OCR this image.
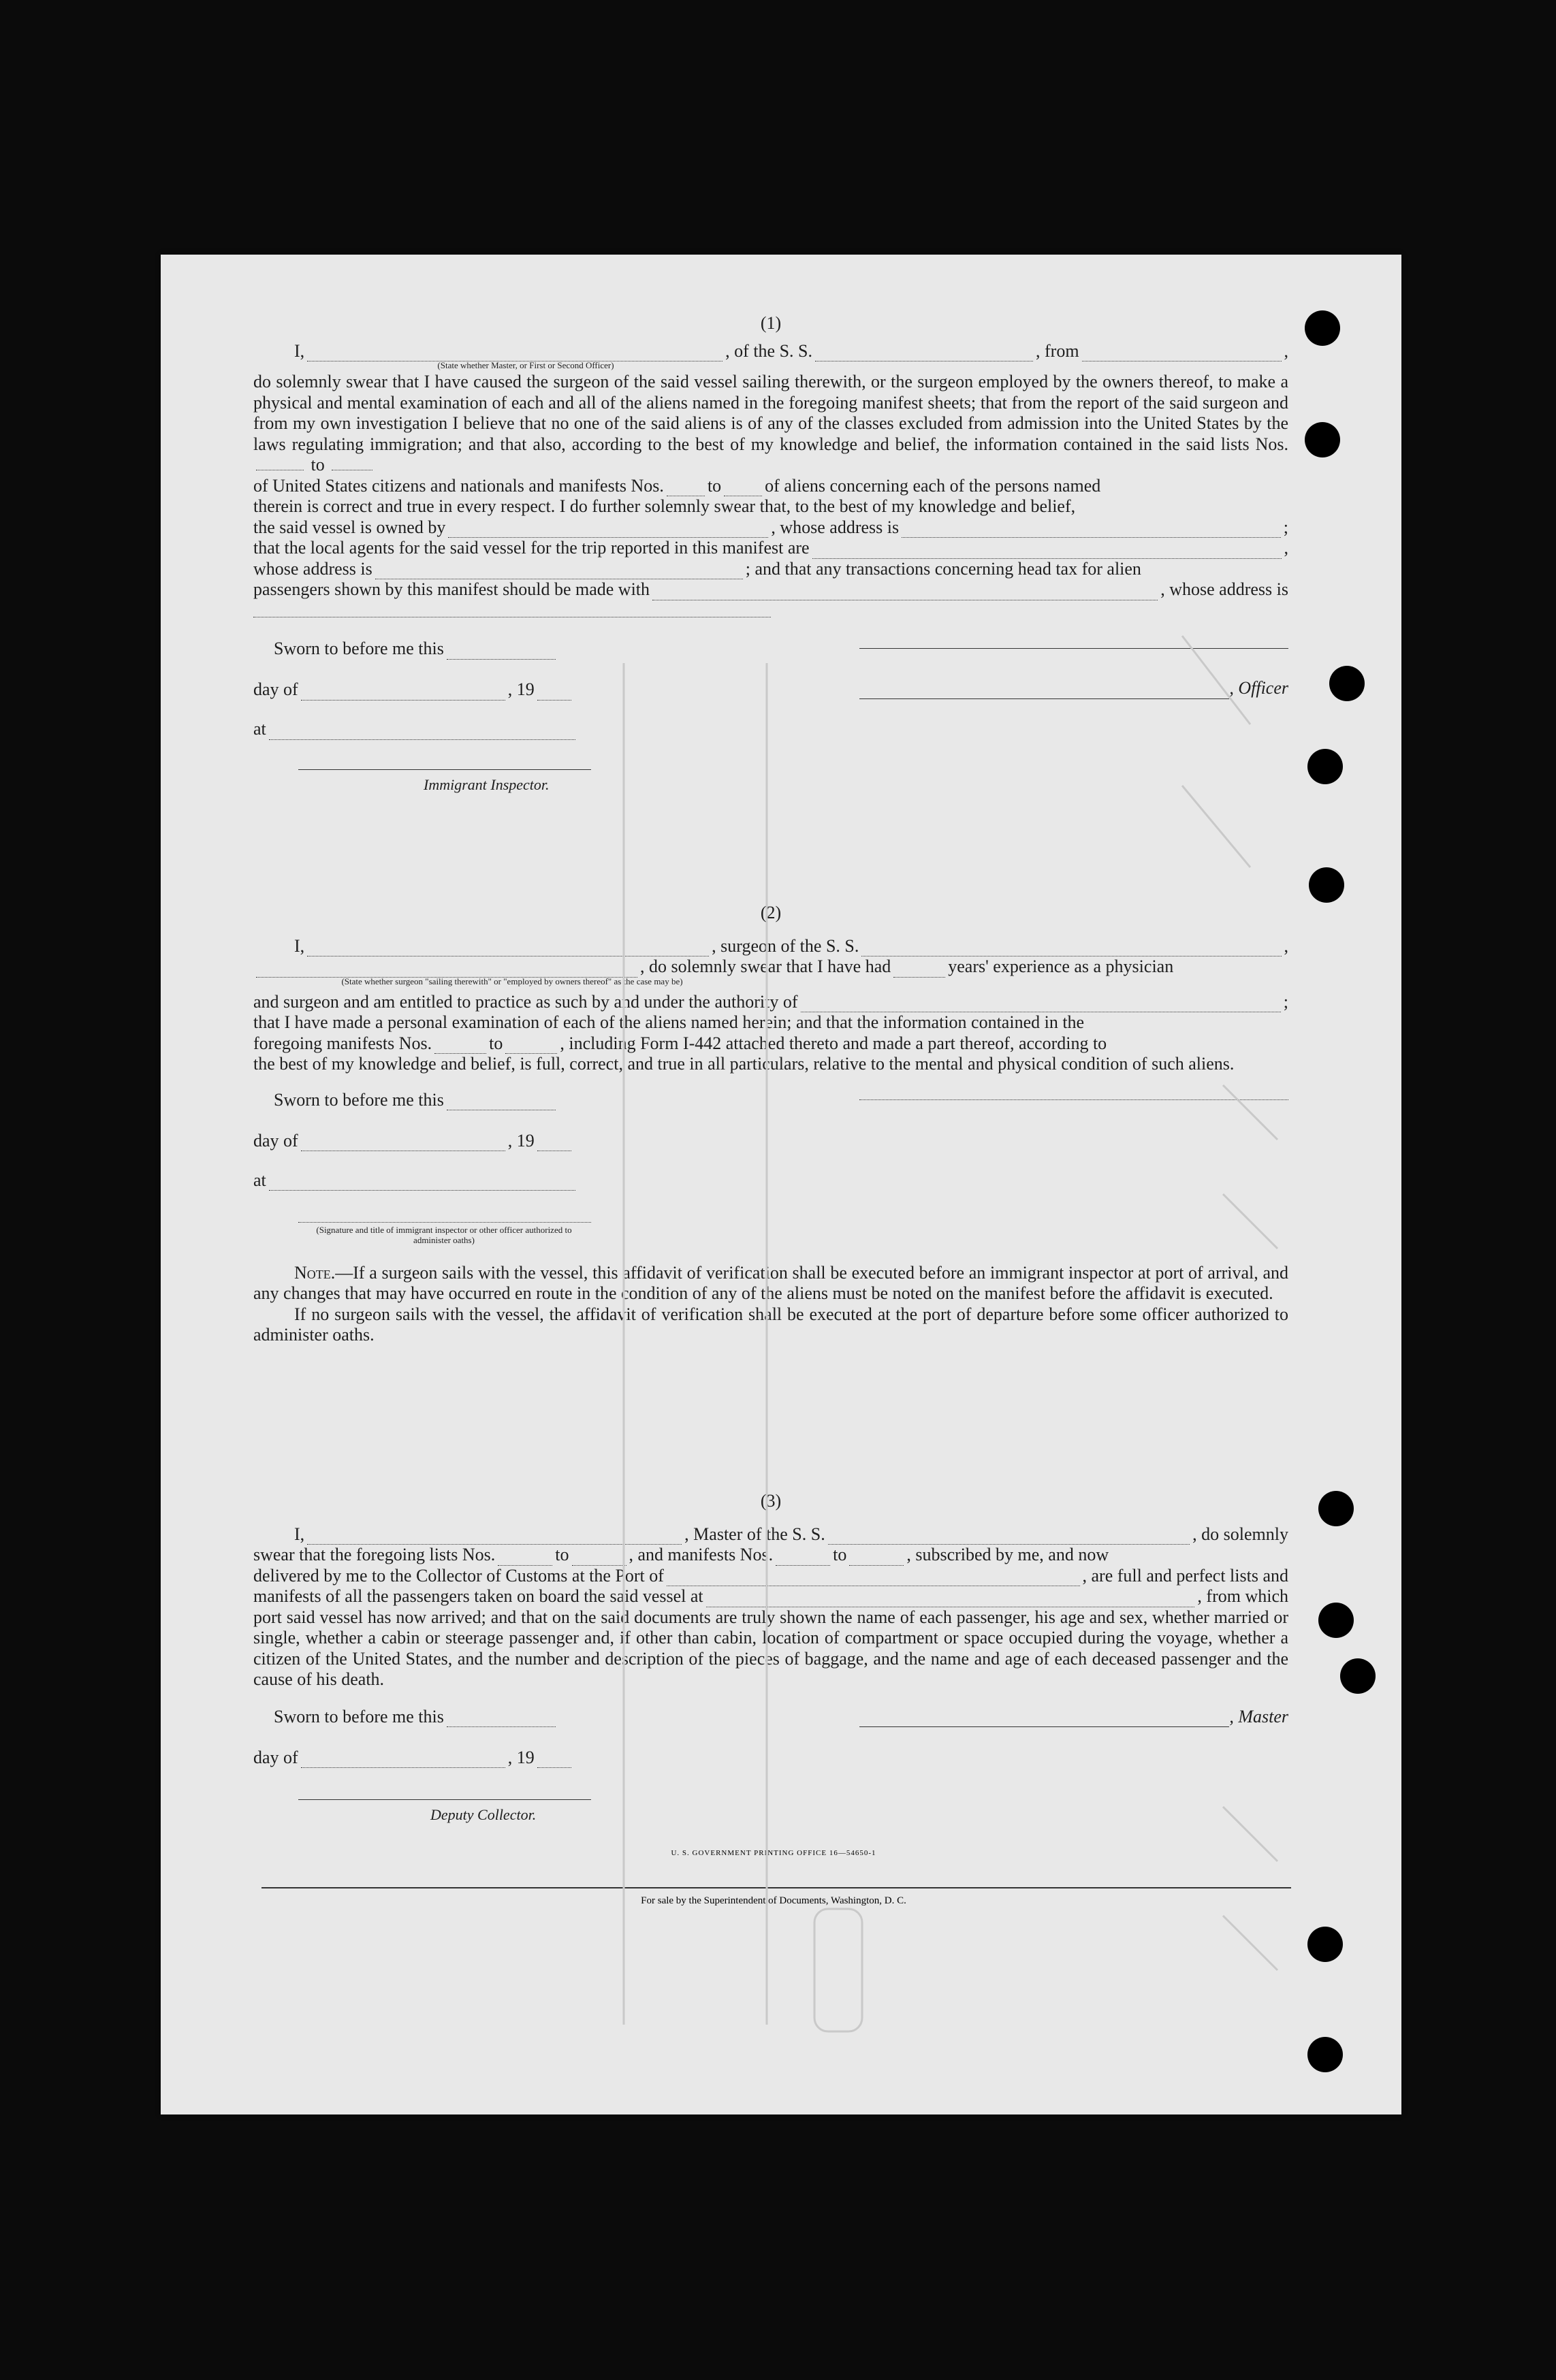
(1)
I,	, of the S. S.	, from	,
(State whether Master, or First or Second Officer)
do solemnly swear that I have caused the surgeon of the said vessel sailing therewith, or the surgeon employed by the owners thereof, to make a physical and mental examination of each and all of the aliens named in the foregoing manifest sheets; that from the report of the said surgeon and from my own investigation I believe that no one of the said aliens is of any of the classes excluded from admission into the United States by the laws regulating immigration; and that also, according to the best of my knowledge and belief, the information contained in the said lists Nos.  to
of United States citizens and nationals and manifests Nos. to of aliens concerning each of the persons named
therein is correct and true in every respect. I do further solemnly swear that, to the best of my knowledge and belief,
the said vessel is owned by	, whose address is	;
that the local agents for the said vessel for the trip reported in this manifest are	,
whose address is	; and that any transactions concerning head tax for alien
passengers shown by this manifest should be made with	, whose address is
Sworn to before me this
day of	, 19
at
Immigrant Inspector.
, Officer
(2)
I,	, surgeon of the S. S.	,
, do solemnly swear that I have had	years' experience as a physician
(State whether surgeon "sailing therewith" or "employed by owners thereof" as the case may be)
and surgeon and am entitled to practice as such by and under the authority of	;
that I have made a personal examination of each of the aliens named herein; and that the information contained in the
foregoing manifests Nos.	to	, including Form I-442 attached thereto and made a part thereof, according to
the best of my knowledge and belief, is full, correct, and true in all particulars, relative to the mental and physical condition of such aliens.
Sworn to before me this
day of	, 19
at
(Signature and title of immigrant inspector or other officer authorized to administer oaths)
Note.—If a surgeon sails with the vessel, this affidavit of verification shall be executed before an immigrant inspector at port of arrival, and any changes that may have occurred en route in the condition of any of the aliens must be noted on the manifest before the affidavit is executed.
If no surgeon sails with the vessel, the affidavit of verification shall be executed at the port of departure before some officer authorized to administer oaths.
(3)
I,	, Master of the S. S.	, do solemnly
swear that the foregoing lists Nos.	to	, and manifests Nos.	to	, subscribed by me, and now
delivered by me to the Collector of Customs at the Port of	, are full and perfect lists and
manifests of all the passengers taken on board the said vessel at	, from which
port said vessel has now arrived; and that on the said documents are truly shown the name of each passenger, his age and sex, whether married or single, whether a cabin or steerage passenger and, if other than cabin, location of compartment or space occupied during the voyage, whether a citizen of the United States, and the number and description of the pieces of baggage, and the name and age of each deceased passenger and the cause of his death.
Sworn to before me this
day of	, 19
Deputy Collector.
, Master
U. S. GOVERNMENT PRINTING OFFICE 16—54650-1
For sale by the Superintendent of Documents, Washington, D. C.
